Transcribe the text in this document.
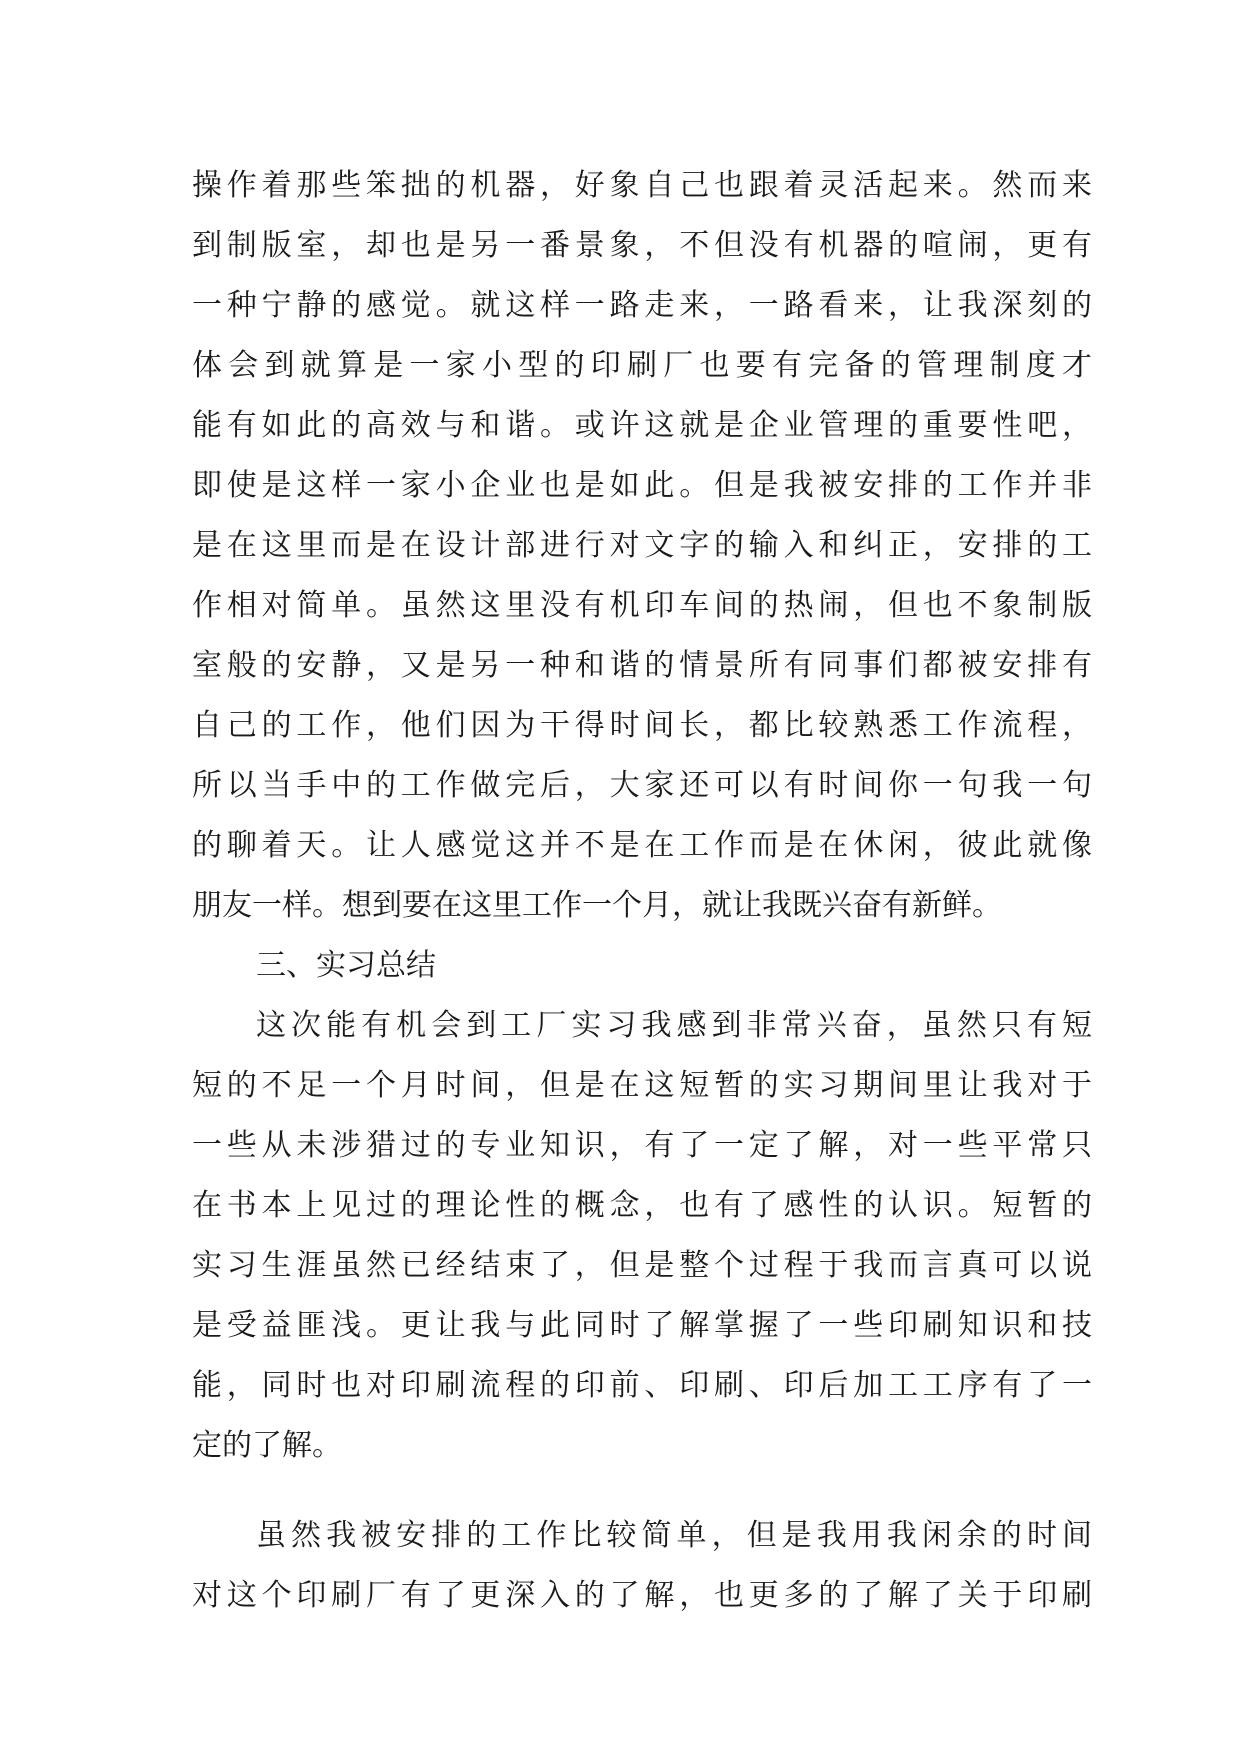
操作着那些笨拙的机器，好象自己也跟着灵活起来。然而来
到制版室，却也是另一番景象，不但没有机器的喧闹，更有
一种宁静的感觉。就这样一路走来，一路看来，让我深刻的
体会到就算是一家小型的印刷厂也要有完备的管理制度才
能有如此的高效与和谐。或许这就是企业管理的重要性吧，
即使是这样一家小企业也是如此。但是我被安排的工作并非
是在这里而是在设计部进行对文字的输入和纠正，安排的工
作相对简单。虽然这里没有机印车间的热闹，但也不象制版
室般的安静，又是另一种和谐的情景所有同事们都被安排有
自己的工作，他们因为干得时间长，都比较熟悉工作流程，
所以当手中的工作做完后，大家还可以有时间你一句我一句
的聊着天。让人感觉这并不是在工作而是在休闲，彼此就像
朋友一样。想到要在这里工作一个月，就让我既兴奋有新鲜。
三、实习总结
这次能有机会到工厂实习我感到非常兴奋，虽然只有短
短的不足一个月时间，但是在这短暂的实习期间里让我对于
一些从未涉猎过的专业知识，有了一定了解，对一些平常只
在书本上见过的理论性的概念，也有了感性的认识。短暂的
实习生涯虽然已经结束了，但是整个过程于我而言真可以说
是受益匪浅。更让我与此同时了解掌握了一些印刷知识和技
能，同时也对印刷流程的印前、印刷、印后加工工序有了一
定的了解。
虽然我被安排的工作比较简单，但是我用我闲余的时间
对这个印刷厂有了更深入的了解，也更多的了解了关于印刷
